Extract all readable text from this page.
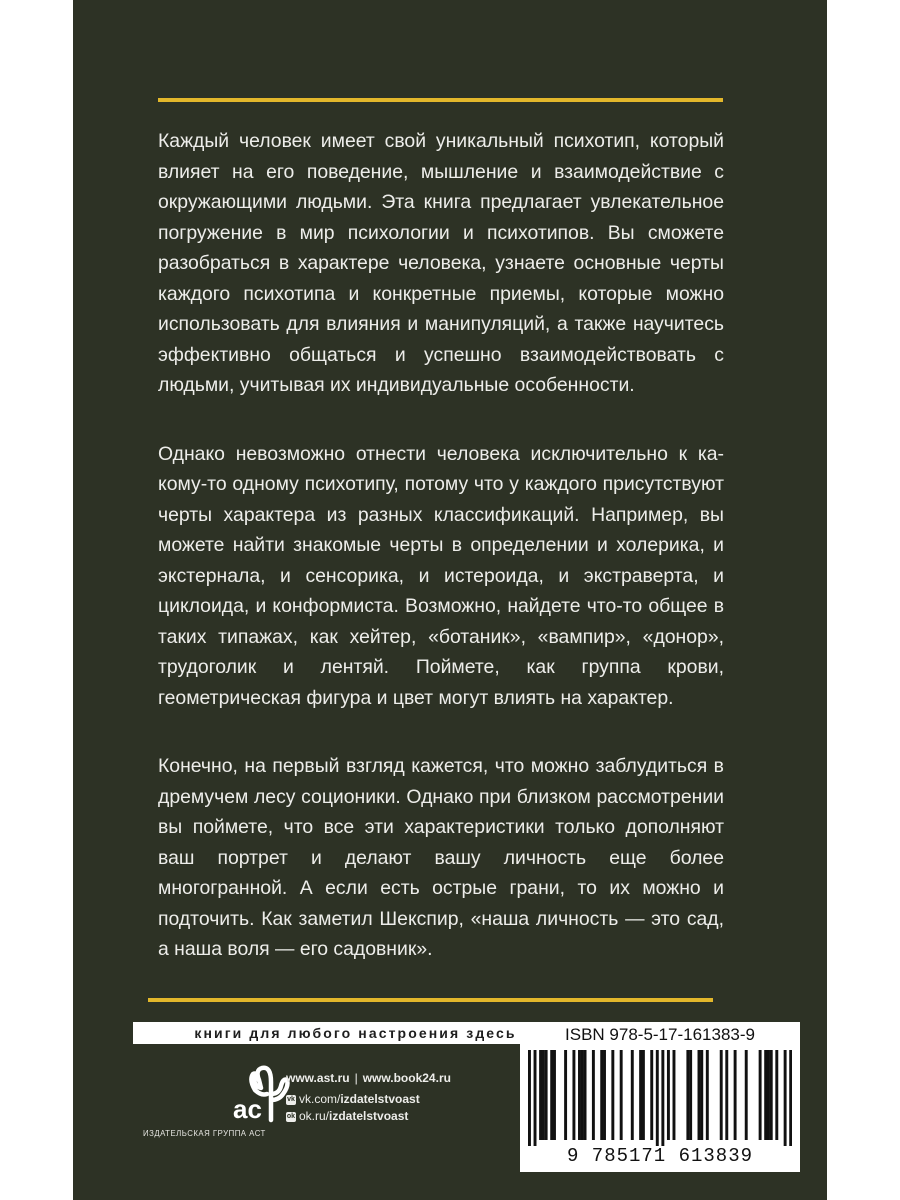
Каждый человек имеет свой уникальный психотип, который влияет на его поведение, мышление и взаимодействие с окружающими людьми. Эта книга предлагает увлекательное погружение в мир психологии и психотипов. Вы сможете разобраться в характере человека, узнаете основные черты каждого психотипа и конкретные приемы, которые можно использовать для влияния и манипуляций, а также научитесь эффективно общаться и успешно взаимодействовать с людьми, учитывая их индивидуальные особенности.

Однако невозможно отнести человека исключительно к какому-то одному психотипу, потому что у каждого присутствуют черты характера из разных классификаций. Например, вы можете найти знакомые черты в определении и холерика, и экстернала, и сенсорика, и истероида, и экстраверта, и циклоида, и конформиста. Возможно, найдете что-то общее в таких типажах, как хейтер, «ботаник», «вампир», «донор», трудоголик и лентяй. Поймете, как группа крови, геометрическая фигура и цвет могут влиять на характер.

Конечно, на первый взгляд кажется, что можно заблудиться в дремучем лесу соционики. Однако при близком рассмотрении вы поймете, что все эти характеристики только дополняют ваш портрет и делают вашу личность еще более многогранной. А если есть острые грани, то их можно и подточить. Как заметил Шекспир, «наша личность — это сад, а наша воля — его садовник».

книги для любого настроения здесь
ac
ИЗДАТЕЛЬСКАЯ ГРУППА АСТ
www.ast.ru | www.book24.ru
vk vk.com/ izdatelstvoast
ok ok.ru/ izdatelstvoast
ISBN 978-5-17-161383-9
9 785171 613839
